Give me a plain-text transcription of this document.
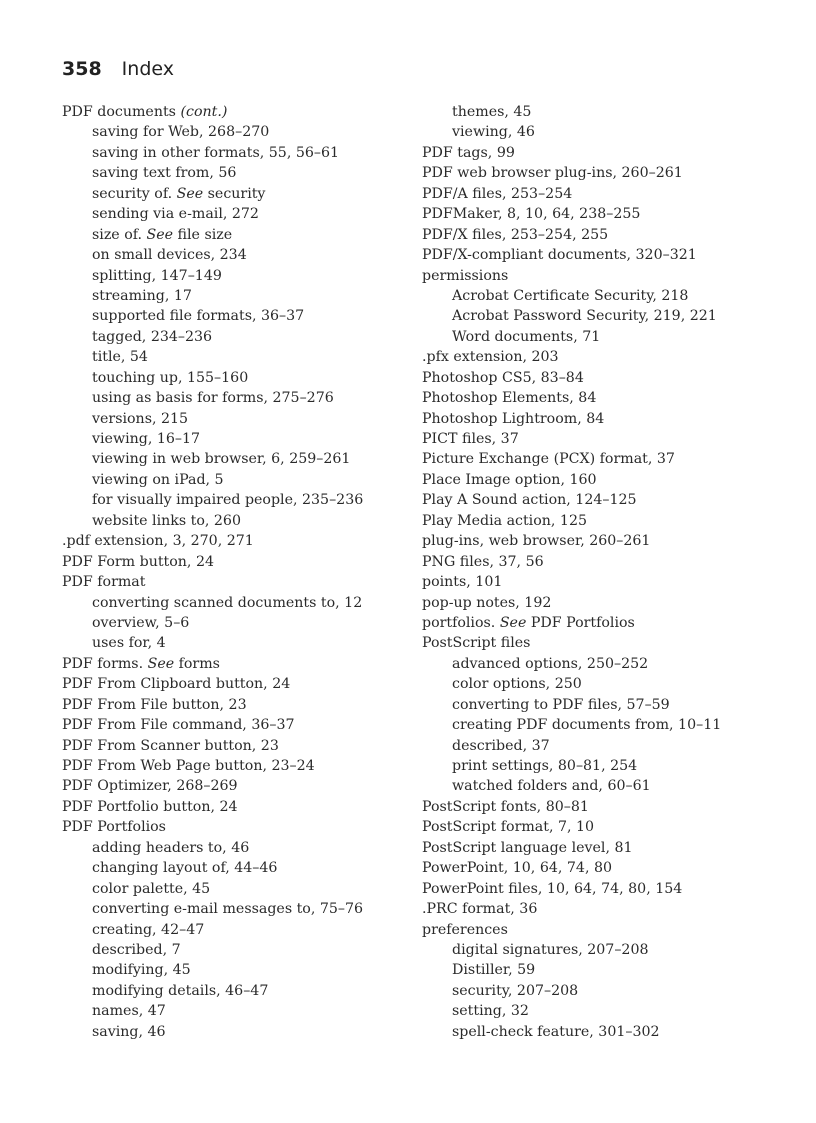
358 Index
PDF documents (cont.)
saving for Web, 268–270
saving in other formats, 55, 56–61
saving text from, 56
security of. See security
sending via e-mail, 272
size of. See file size
on small devices, 234
splitting, 147–149
streaming, 17
supported file formats, 36–37
tagged, 234–236
title, 54
touching up, 155–160
using as basis for forms, 275–276
versions, 215
viewing, 16–17
viewing in web browser, 6, 259–261
viewing on iPad, 5
for visually impaired people, 235–236
website links to, 260
.pdf extension, 3, 270, 271
PDF Form button, 24
PDF format
converting scanned documents to, 12
overview, 5–6
uses for, 4
PDF forms. See forms
PDF From Clipboard button, 24
PDF From File button, 23
PDF From File command, 36–37
PDF From Scanner button, 23
PDF From Web Page button, 23–24
PDF Optimizer, 268–269
PDF Portfolio button, 24
PDF Portfolios
adding headers to, 46
changing layout of, 44–46
color palette, 45
converting e-mail messages to, 75–76
creating, 42–47
described, 7
modifying, 45
modifying details, 46–47
names, 47
saving, 46
themes, 45
viewing, 46
PDF tags, 99
PDF web browser plug-ins, 260–261
PDF/A files, 253–254
PDFMaker, 8, 10, 64, 238–255
PDF/X files, 253–254, 255
PDF/X-compliant documents, 320–321
permissions
Acrobat Certificate Security, 218
Acrobat Password Security, 219, 221
Word documents, 71
.pfx extension, 203
Photoshop CS5, 83–84
Photoshop Elements, 84
Photoshop Lightroom, 84
PICT files, 37
Picture Exchange (PCX) format, 37
Place Image option, 160
Play A Sound action, 124–125
Play Media action, 125
plug-ins, web browser, 260–261
PNG files, 37, 56
points, 101
pop-up notes, 192
portfolios. See PDF Portfolios
PostScript files
advanced options, 250–252
color options, 250
converting to PDF files, 57–59
creating PDF documents from, 10–11
described, 37
print settings, 80–81, 254
watched folders and, 60–61
PostScript fonts, 80–81
PostScript format, 7, 10
PostScript language level, 81
PowerPoint, 10, 64, 74, 80
PowerPoint files, 10, 64, 74, 80, 154
.PRC format, 36
preferences
digital signatures, 207–208
Distiller, 59
security, 207–208
setting, 32
spell-check feature, 301–302
